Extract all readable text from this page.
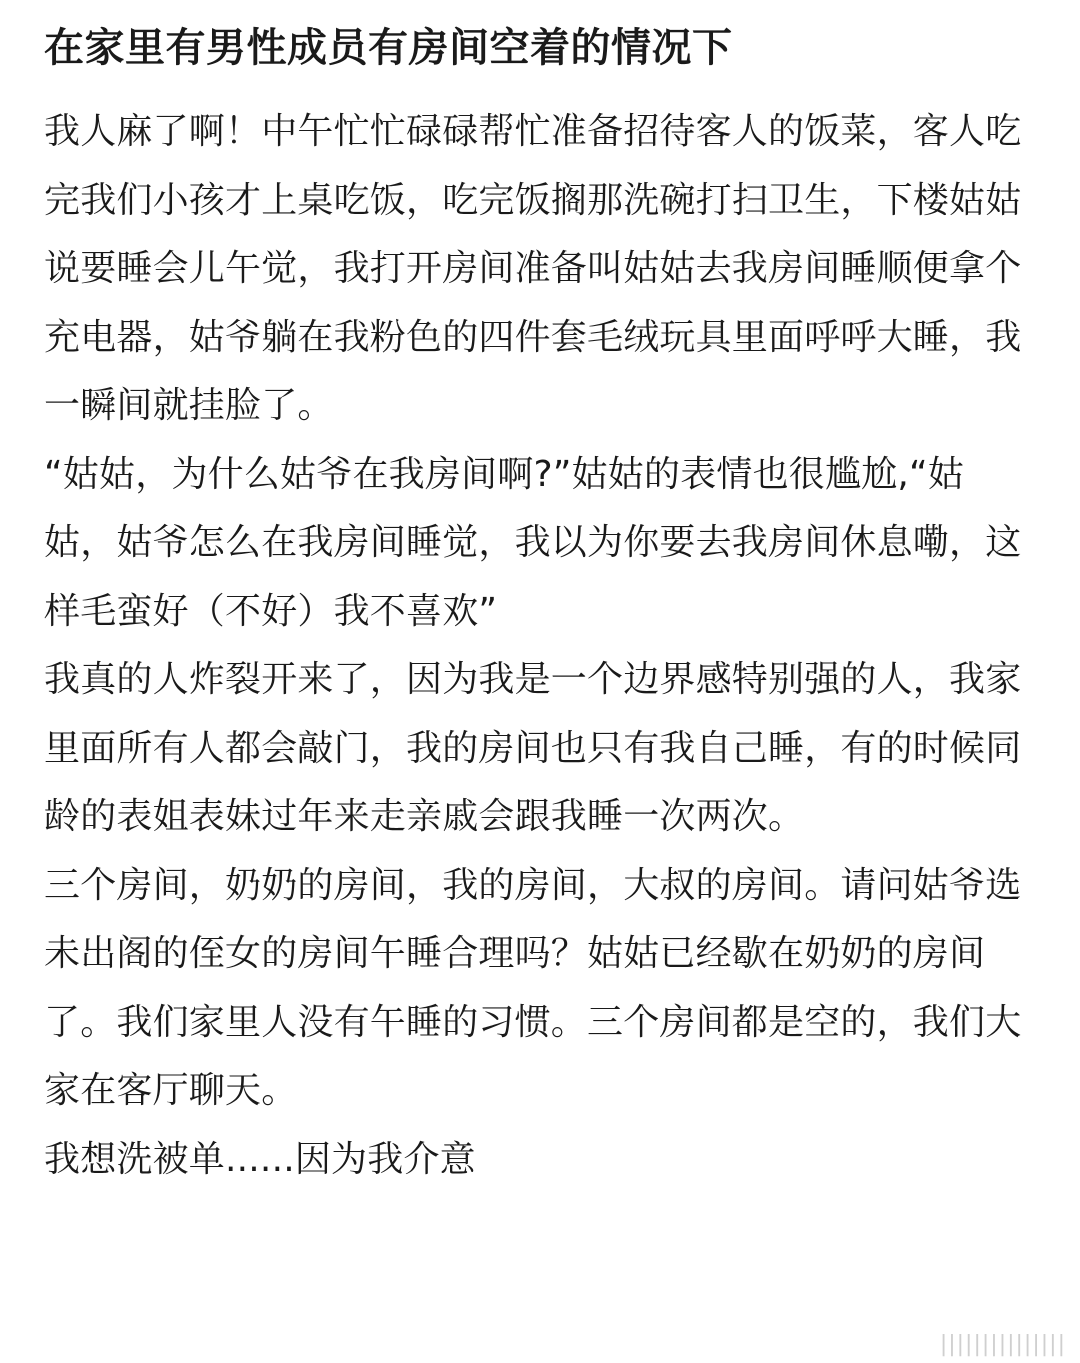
在家里有男性成员有房间空着的情况下

我人麻了啊！中午忙忙碌碌帮忙准备招待客人的饭菜，客人吃完我们小孩才上桌吃饭，吃完饭搁那洗碗打扫卫生，下楼姑姑说要睡会儿午觉，我打开房间准备叫姑姑去我房间睡顺便拿个充电器，姑爷躺在我粉色的四件套毛绒玩具里面呼呼大睡，我一瞬间就挂脸了。

“姑姑，为什么姑爷在我房间啊?”姑姑的表情也很尴尬,“姑姑，姑爷怎么在我房间睡觉，我以为你要去我房间休息嘞，这样毛蛮好（不好）我不喜欢”

我真的人炸裂开来了，因为我是一个边界感特别强的人，我家里面所有人都会敲门，我的房间也只有我自己睡，有的时候同龄的表姐表妹过年来走亲戚会跟我睡一次两次。

三个房间，奶奶的房间，我的房间，大叔的房间。请问姑爷选未出阁的侄女的房间午睡合理吗？姑姑已经歇在奶奶的房间了。我们家里人没有午睡的习惯。三个房间都是空的，我们大家在客厅聊天。

我想洗被单......因为我介意

|||||||||||||||
